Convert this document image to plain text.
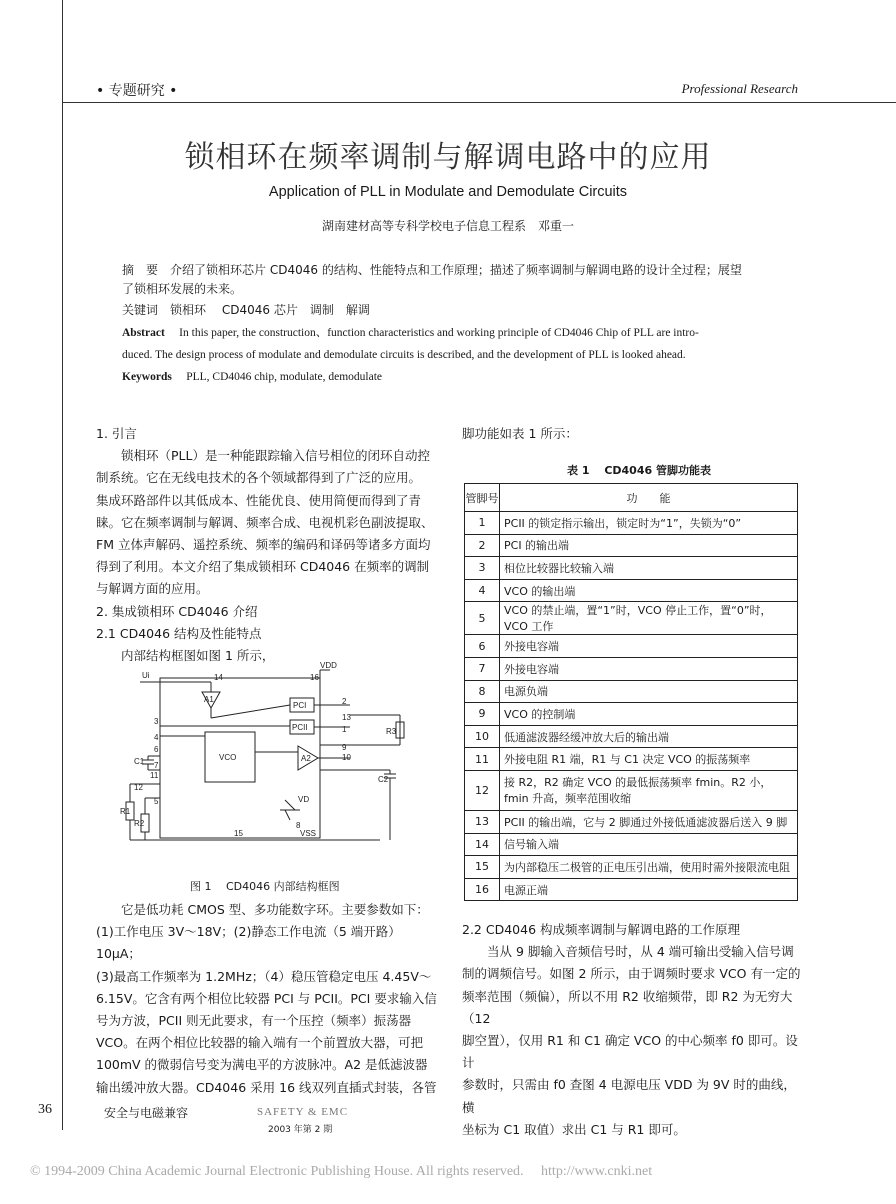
• 专题研究 •	Professional Research
锁相环在频率调制与解调电路中的应用
Application of PLL in Modulate and Demodulate Circuits
湖南建材高等专科学校电子信息工程系　邓重一
摘　要　 介绍了锁相环芯片 CD4046 的结构、性能特点和工作原理；描述了频率调制与解调电路的设计全过程；展望
了锁相环发展的未来。
关键词　 锁相环　 CD4046 芯片　调制　解调
Abstract　 In this paper, the construction、function characteristics and working principle of CD4046 Chip of PLL are intro-
duced. The design process of modulate and demodulate circuits is described, and the development of PLL is looked ahead.
Keywords　 PLL, CD4046 chip, modulate, demodulate
1. 引言
锁相环（PLL）是一种能跟踪输入信号相位的闭环自动控
制系统。它在无线电技术的各个领域都得到了广泛的应用。
集成环路部件以其低成本、性能优良、使用简便而得到了青
睐。它在频率调制与解调、频率合成、电视机彩色副波提取、
FM 立体声解码、遥控系统、频率的编码和译码等诸多方面均
得到了利用。本文介绍了集成锁相环 CD4046 在频率的调制
与解调方面的应用。
2. 集成锁相环 CD4046 介绍
2.1 CD4046 结构及性能特点
内部结构框图如图 1 所示，
Ui
VDD
VSS
A1
A2
PCI
PCII
VCO
VD
C1
C2
R1
R2
R3
14	16
2
13
1
3
4
6
7
11
12
5
9
10
15
8
图 1　 CD4046 内部结构框图
它是低功耗 CMOS 型、多功能数字环。主要参数如下：
(1)工作电压 3V～18V；(2)静态工作电流（5 端开路）10μA；
(3)最高工作频率为 1.2MHz；（4）稳压管稳定电压 4.45V～
6.15V。它含有两个相位比较器 PCI 与 PCII。PCI 要求输入信
号为方波，PCII 则无此要求，有一个压控（频率）振荡器
VCO。在两个相位比较器的输入端有一个前置放大器，可把
100mV 的微弱信号变为满电平的方波脉冲。A2 是低滤波器
输出缓冲放大器。CD4046 采用 16 线双列直插式封装，各管
脚功能如表 1 所示：
表 1　 CD4046 管脚功能表
管脚号	功　　能
1	PCII 的锁定指示输出，锁定时为“1”，失锁为“0”
2	PCI 的输出端
3	相位比较器比较输入端
4	VCO 的输出端
5	VCO 的禁止端，置“1”时，VCO 停止工作，置“0”时，VCO 工作
6	外接电容端
7	外接电容端
8	电源负端
9	VCO 的控制端
10	低通滤波器经缓冲放大后的输出端
11	外接电阻 R1 端，R1 与 C1 决定 VCO 的振荡频率
12	接 R2，R2 确定 VCO 的最低振荡频率 fmin。R2 小，fmin 升高，频率范围收缩
13	PCII 的输出端，它与 2 脚通过外接低通滤波器后送入 9 脚
14	信号输入端
15	为内部稳压二极管的正电压引出端，使用时需外接限流电阻
16	电源正端
2.2 CD4046 构成频率调制与解调电路的工作原理
当从 9 脚输入音频信号时，从 4 端可输出受输入信号调
制的调频信号。如图 2 所示，由于调频时要求 VCO 有一定的
频率范围（频偏），所以不用 R2 收缩频带，即 R2 为无穷大（12
脚空置），仅用 R1 和 C1 确定 VCO 的中心频率 f0 即可。设计
参数时，只需由 f0 查图 4 电源电压 VDD 为 9V 时的曲线，横
坐标为 C1 取值）求出 C1 与 R1 即可。
36	安全与电磁兼容	SAFETY & EMC
2003 年第 2 期
© 1994-2009 China Academic Journal Electronic Publishing House. All rights reserved.　 http://www.cnki.net
